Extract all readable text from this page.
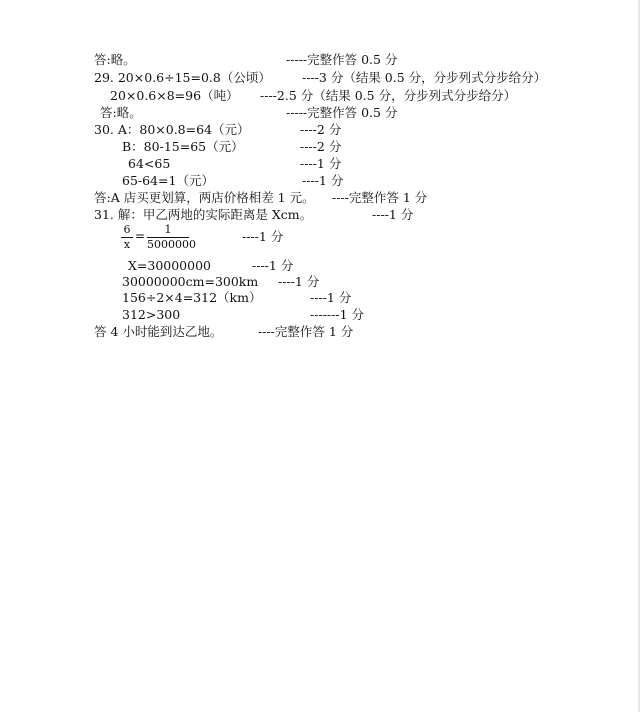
答:略。	-----完整作答 0.5 分
29. 20×0.6÷15=0.8（公顷） ----3 分（结果 0.5 分，分步列式分步给分）
20×0.6×8=96（吨） ----2.5 分（结果 0.5 分，分步列式分步给分）
答:略。	-----完整作答 0.5 分
30. A：80×0.8=64（元）	----2 分
B：80-15=65（元）	----2 分
64<65	----1 分
65-64=1（元）	----1 分
答:A 店买更划算，两店价格相差 1 元。 ----完整作答 1 分
31. 解：甲乙两地的实际距离是 Xcm。	----1 分
6
x
=	1
5000000
----1 分
X=30000000	----1 分
30000000cm=300km ----1 分
156÷2×4=312（km）	----1 分
312>300	-------1 分
答 4 小时能到达乙地。	----完整作答 1 分
